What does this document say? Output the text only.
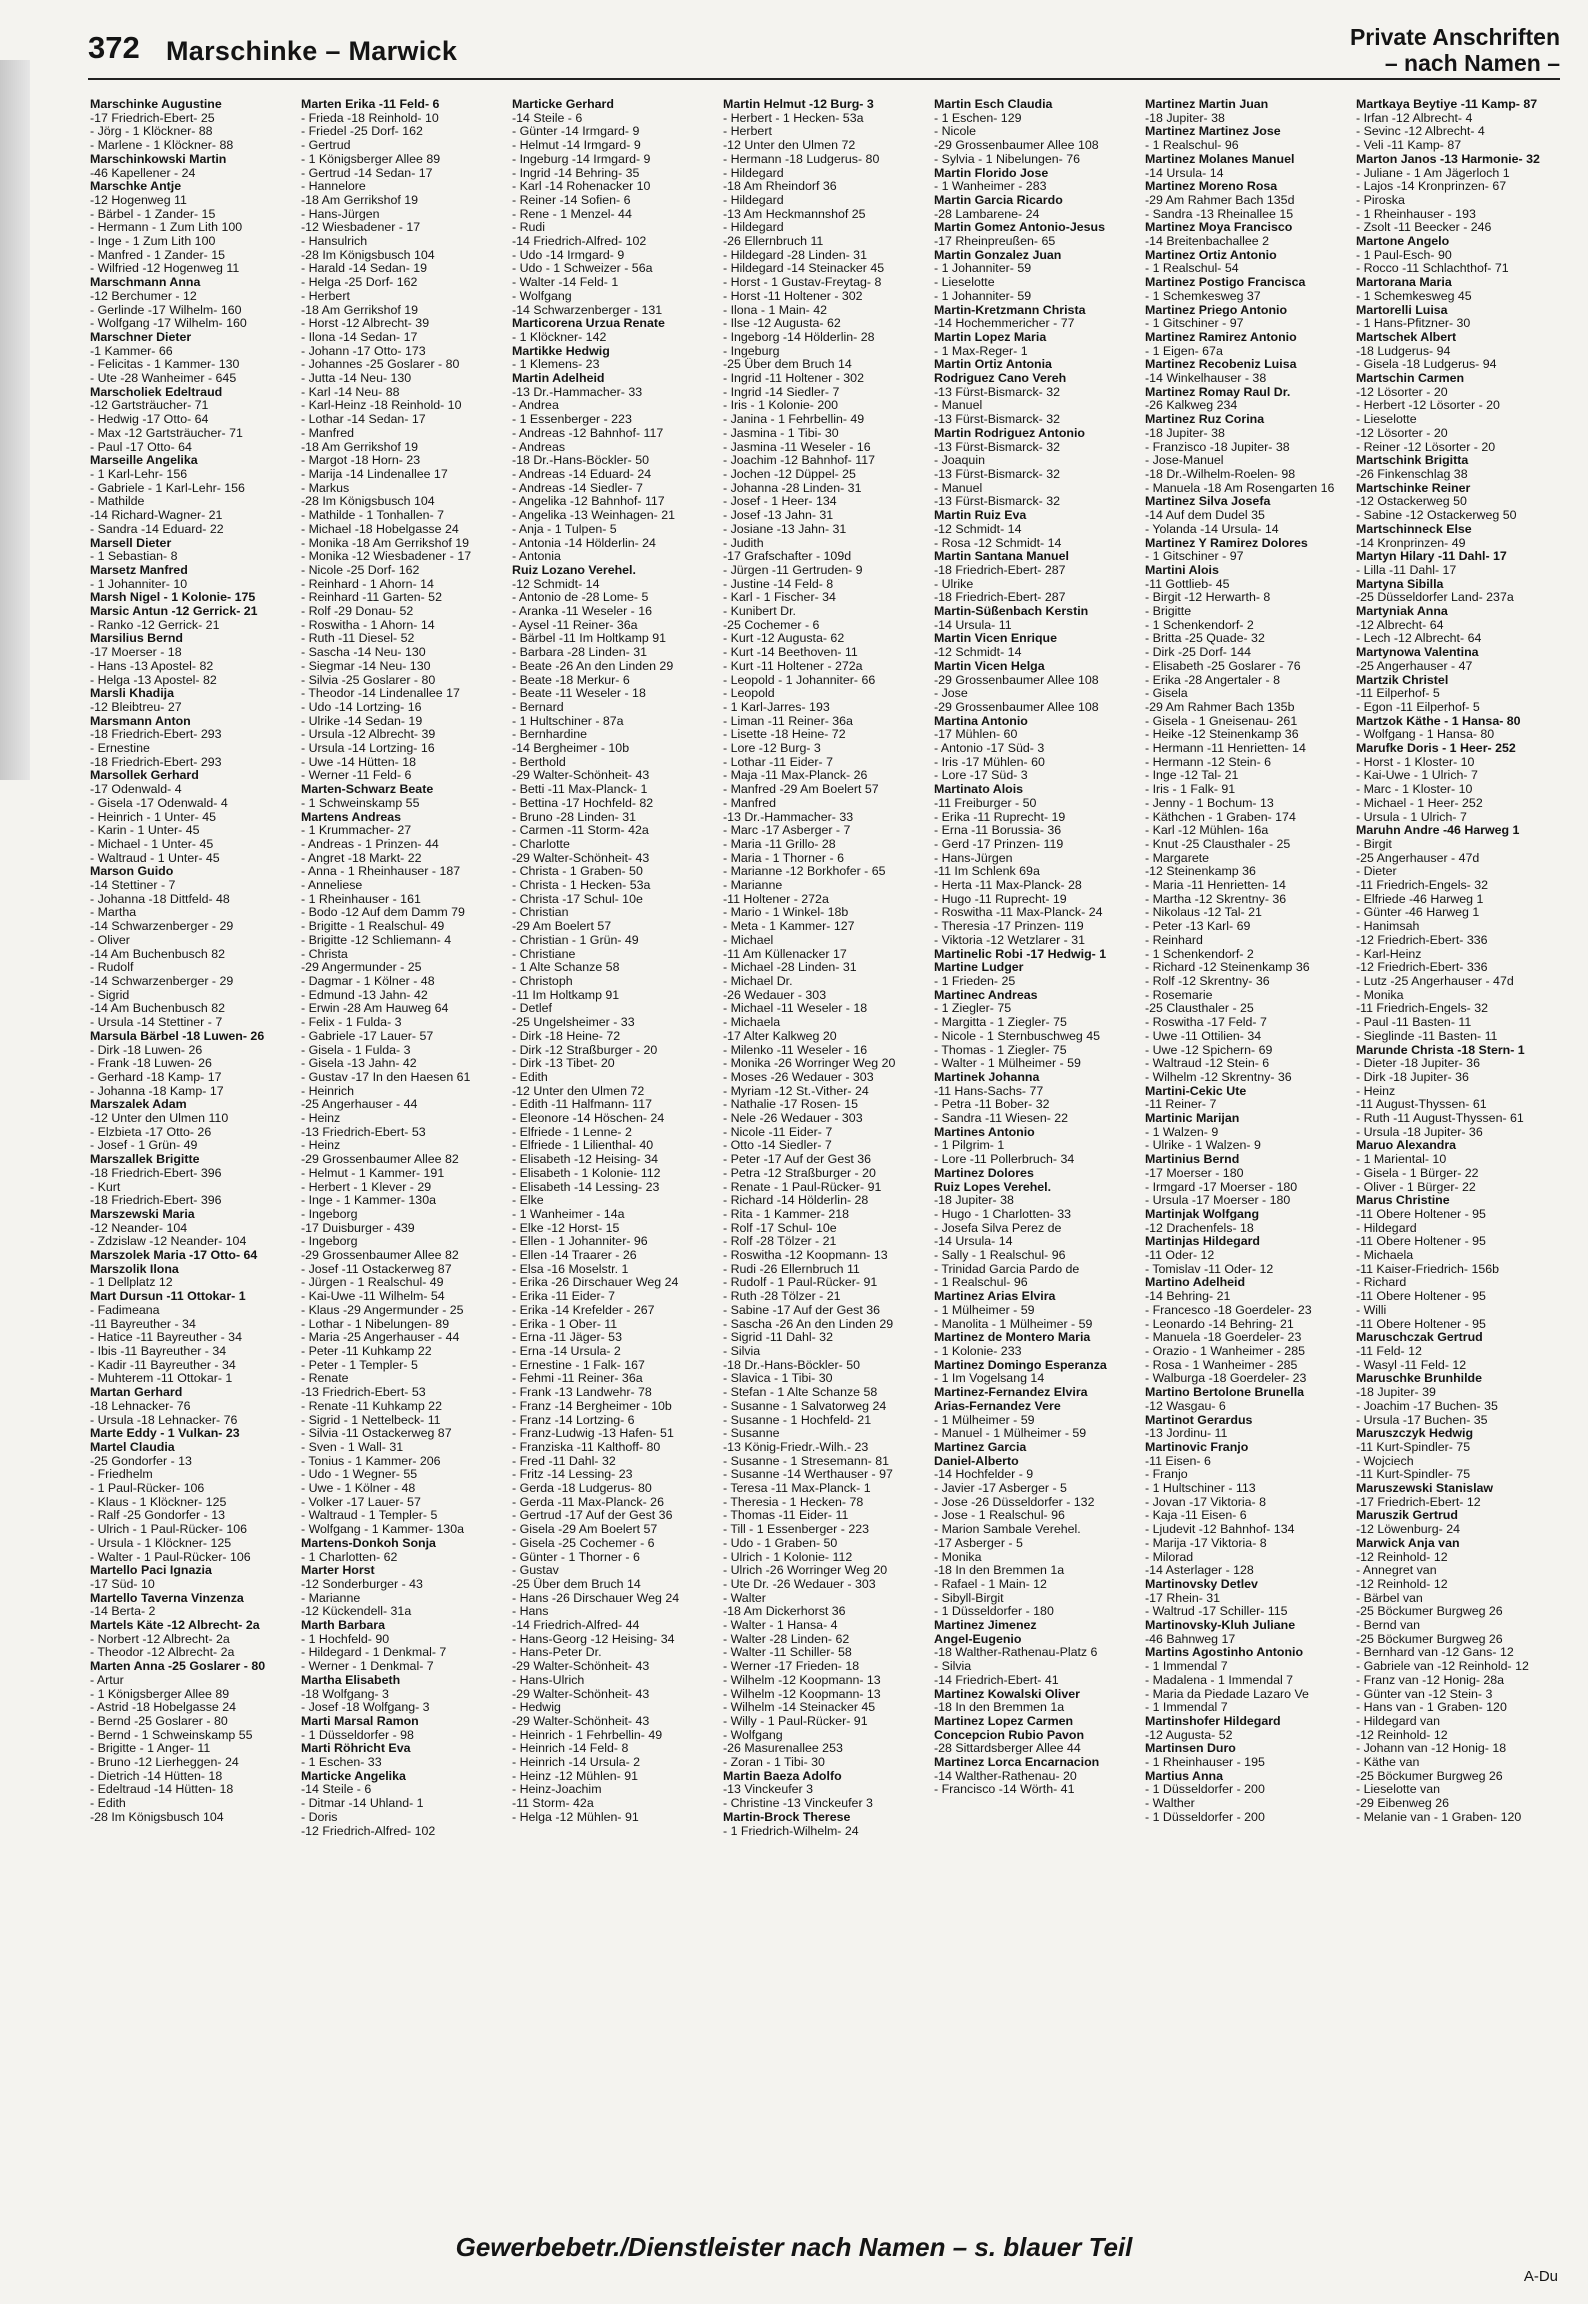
372 Marschinke – Marwick	Private Anschriften
– nach Namen –
Marschinke Augustine
-17 Friedrich-Ebert- 25
- Jörg - 1 Klöckner- 88
- Marlene - 1 Klöckner- 88
Marschinkowski Martin
-46 Kapellener - 24
Marschke Antje
-12 Hogenweg 11
- Bärbel - 1 Zander- 15
- Hermann - 1 Zum Lith 100
- Inge - 1 Zum Lith 100
- Manfred - 1 Zander- 15
- Wilfried -12 Hogenweg 11
Marschmann Anna
-12 Berchumer - 12
- Gerlinde -17 Wilhelm- 160
- Wolfgang -17 Wilhelm- 160
Marschner Dieter
-1 Kammer- 66
- Felicitas - 1 Kammer- 130
- Ute -28 Wanheimer - 645
Marscholiek Edeltraud
-12 Gartsträucher- 71
- Hedwig -17 Otto- 64
- Max -12 Gartsträucher- 71
- Paul -17 Otto- 64
Marseille Angelika
- 1 Karl-Lehr- 156
- Gabriele - 1 Karl-Lehr- 156
- Mathilde
-14 Richard-Wagner- 21
- Sandra -14 Eduard- 22
Marsell Dieter
- 1 Sebastian- 8
Marsetz Manfred
- 1 Johanniter- 10
Marsh Nigel - 1 Kolonie- 175
Marsic Antun -12 Gerrick- 21
- Ranko -12 Gerrick- 21
Marsilius Bernd
-17 Moerser - 18
- Hans -13 Apostel- 82
- Helga -13 Apostel- 82
Marsli Khadija
-12 Bleibtreu- 27
Marsmann Anton
-18 Friedrich-Ebert- 293
- Ernestine
-18 Friedrich-Ebert- 293
Marsollek Gerhard
-17 Odenwald- 4
- Gisela -17 Odenwald- 4
- Heinrich - 1 Unter- 45
- Karin - 1 Unter- 45
- Michael - 1 Unter- 45
- Waltraud - 1 Unter- 45
Marson Guido
-14 Stettiner - 7
- Johanna -18 Dittfeld- 48
- Martha
-14 Schwarzenberger - 29
- Oliver
-14 Am Buchenbusch 82
- Rudolf
-14 Schwarzenberger - 29
- Sigrid
-14 Am Buchenbusch 82
- Ursula -14 Stettiner - 7
Marsula Bärbel -18 Luwen- 26
- Dirk -18 Luwen- 26
- Frank -18 Luwen- 26
- Gerhard -18 Kamp- 17
- Johanna -18 Kamp- 17
Marszalek Adam
-12 Unter den Ulmen 110
- Elzbieta -17 Otto- 26
- Josef - 1 Grün- 49
Marszallek Brigitte
-18 Friedrich-Ebert- 396
- Kurt
-18 Friedrich-Ebert- 396
Marszewski Maria
-12 Neander- 104
- Zdzislaw -12 Neander- 104
Marszolek Maria -17 Otto- 64
Marszolik Ilona
- 1 Dellplatz 12
Mart Dursun -11 Ottokar- 1
- Fadimeana
-11 Bayreuther - 34
- Hatice -11 Bayreuther - 34
- Ibis -11 Bayreuther - 34
- Kadir -11 Bayreuther - 34
- Muhterem -11 Ottokar- 1
Martan Gerhard
-18 Lehnacker- 76
- Ursula -18 Lehnacker- 76
Marte Eddy - 1 Vulkan- 23
Martel Claudia
-25 Gondorfer - 13
- Friedhelm
- 1 Paul-Rücker- 106
- Klaus - 1 Klöckner- 125
- Ralf -25 Gondorfer - 13
- Ulrich - 1 Paul-Rücker- 106
- Ursula - 1 Klöckner- 125
- Walter - 1 Paul-Rücker- 106
Martello Paci Ignazia
-17 Süd- 10
Martello Taverna Vinzenza
-14 Berta- 2
Martels Käte -12 Albrecht- 2a
- Norbert -12 Albrecht- 2a
- Theodor -12 Albrecht- 2a
Marten Anna -25 Goslarer - 80
- Artur
- 1 Königsberger Allee 89
- Astrid -18 Hobelgasse 24
- Bernd -25 Goslarer - 80
- Bernd - 1 Schweinskamp 55
- Brigitte - 1 Anger- 11
- Bruno -12 Lierheggen- 24
- Dietrich -14 Hütten- 18
- Edeltraud -14 Hütten- 18
- Edith
-28 Im Königsbusch 104
Marten Erika -11 Feld- 6
- Frieda -18 Reinhold- 10
- Friedel -25 Dorf- 162
- Gertrud
- 1 Königsberger Allee 89
- Gertrud -14 Sedan- 17
- Hannelore
-18 Am Gerrikshof 19
- Hans-Jürgen
-12 Wiesbadener - 17
- Hansulrich
-28 Im Königsbusch 104
- Harald -14 Sedan- 19
- Helga -25 Dorf- 162
- Herbert
-18 Am Gerrikshof 19
- Horst -12 Albrecht- 39
- Ilona -14 Sedan- 17
- Johann -17 Otto- 173
- Johannes -25 Goslarer - 80
- Jutta -14 Neu- 130
- Karl -14 Neu- 88
- Karl-Heinz -18 Reinhold- 10
- Lothar -14 Sedan- 17
- Manfred
-18 Am Gerrikshof 19
- Margot -18 Horn- 23
- Marija -14 Lindenallee 17
- Markus
-28 Im Königsbusch 104
- Mathilde - 1 Tonhallen- 7
- Michael -18 Hobelgasse 24
- Monika -18 Am Gerrikshof 19
- Monika -12 Wiesbadener - 17
- Nicole -25 Dorf- 162
- Reinhard - 1 Ahorn- 14
- Reinhard -11 Garten- 52
- Rolf -29 Donau- 52
- Roswitha - 1 Ahorn- 14
- Ruth -11 Diesel- 52
- Sascha -14 Neu- 130
- Siegmar -14 Neu- 130
- Silvia -25 Goslarer - 80
- Theodor -14 Lindenallee 17
- Udo -14 Lortzing- 16
- Ulrike -14 Sedan- 19
- Ursula -12 Albrecht- 39
- Ursula -14 Lortzing- 16
- Uwe -14 Hütten- 18
- Werner -11 Feld- 6
Marten-Schwarz Beate
- 1 Schweinskamp 55
Martens Andreas
- 1 Krummacher- 27
- Andreas - 1 Prinzen- 44
- Angret -18 Markt- 22
- Anna - 1 Rheinhauser - 187
- Anneliese
- 1 Rheinhauser - 161
- Bodo -12 Auf dem Damm 79
- Brigitte - 1 Realschul- 49
- Brigitte -12 Schliemann- 4
- Christa
-29 Angermunder - 25
- Dagmar - 1 Kölner - 48
- Edmund -13 Jahn- 42
- Erwin -28 Am Hauweg 64
- Felix - 1 Fulda- 3
- Gabriele -17 Lauer- 57
- Gisela - 1 Fulda- 3
- Gisela -13 Jahn- 42
- Gustav -17 In den Haesen 61
- Heinrich
-25 Angerhauser - 44
- Heinz
-13 Friedrich-Ebert- 53
- Heinz
-29 Grossenbaumer Allee 82
- Helmut - 1 Kammer- 191
- Herbert - 1 Klever - 29
- Inge - 1 Kammer- 130a
- Ingeborg
-17 Duisburger - 439
- Ingeborg
-29 Grossenbaumer Allee 82
- Josef -11 Ostackerweg 87
- Jürgen - 1 Realschul- 49
- Kai-Uwe -11 Wilhelm- 54
- Klaus -29 Angermunder - 25
- Lothar - 1 Nibelungen- 89
- Maria -25 Angerhauser - 44
- Peter -11 Kuhkamp 22
- Peter - 1 Templer- 5
- Renate
-13 Friedrich-Ebert- 53
- Renate -11 Kuhkamp 22
- Sigrid - 1 Nettelbeck- 11
- Silvia -11 Ostackerweg 87
- Sven - 1 Wall- 31
- Tonius - 1 Kammer- 206
- Udo - 1 Wegner- 55
- Uwe - 1 Kölner - 48
- Volker -17 Lauer- 57
- Waltraud - 1 Templer- 5
- Wolfgang - 1 Kammer- 130a
Martens-Donkoh Sonja
- 1 Charlotten- 62
Marter Horst
-12 Sonderburger - 43
- Marianne
-12 Kückendell- 31a
Marth Barbara
- 1 Hochfeld- 90
- Hildegard - 1 Denkmal- 7
- Werner - 1 Denkmal- 7
Martha Elisabeth
-18 Wolfgang- 3
- Josef -18 Wolfgang- 3
Marti Marsal Ramon
- 1 Düsseldorfer - 98
Marti Röhricht Eva
- 1 Eschen- 33
Marticke Angelika
-14 Steile - 6
- Ditmar -14 Uhland- 1
- Doris
-12 Friedrich-Alfred- 102
Marticke Gerhard
-14 Steile - 6
- Günter -14 Irmgard- 9
- Helmut -14 Irmgard- 9
- Ingeburg -14 Irmgard- 9
- Ingrid -14 Behring- 35
- Karl -14 Rohenacker 10
- Reiner -14 Sofien- 6
- Rene - 1 Menzel- 44
- Rudi
-14 Friedrich-Alfred- 102
- Udo -14 Irmgard- 9
- Udo - 1 Schweizer - 56a
- Walter -14 Feld- 1
- Wolfgang
-14 Schwarzenberger - 131
Marticorena Urzua Renate
- 1 Klöckner- 142
Martikke Hedwig
- 1 Klemens- 23
Martin Adelheid
-13 Dr.-Hammacher- 33
- Andrea
- 1 Essenberger - 223
- Andreas -12 Bahnhof- 117
- Andreas
-18 Dr.-Hans-Böckler- 50
- Andreas -14 Eduard- 24
- Andreas -14 Siedler- 7
- Angelika -12 Bahnhof- 117
- Angelika -13 Weinhagen- 21
- Anja - 1 Tulpen- 5
- Antonia -14 Hölderlin- 24
- Antonia
Ruiz Lozano Verehel.
-12 Schmidt- 14
- Antonio de -28 Lome- 5
- Aranka -11 Weseler - 16
- Aysel -11 Reiner- 36a
- Bärbel -11 Im Holtkamp 91
- Barbara -28 Linden- 31
- Beate -26 An den Linden 29
- Beate -18 Merkur- 6
- Beate -11 Weseler - 18
- Bernard
- 1 Hultschiner - 87a
- Bernhardine
-14 Bergheimer - 10b
- Berthold
-29 Walter-Schönheit- 43
- Betti -11 Max-Planck- 1
- Bettina -17 Hochfeld- 82
- Bruno -28 Linden- 31
- Carmen -11 Storm- 42a
- Charlotte
-29 Walter-Schönheit- 43
- Christa - 1 Graben- 50
- Christa - 1 Hecken- 53a
- Christa -17 Schul- 10e
- Christian
-29 Am Boelert 57
- Christian - 1 Grün- 49
- Christiane
- 1 Alte Schanze 58
- Christoph
-11 Im Holtkamp 91
- Detlef
-25 Ungelsheimer - 33
- Dirk -18 Heine- 72
- Dirk -12 Straßburger - 20
- Dirk -13 Tibet- 20
- Edith
-12 Unter den Ulmen 72
- Edith -11 Halfmann- 117
- Eleonore -14 Höschen- 24
- Elfriede - 1 Lenne- 2
- Elfriede - 1 Lilienthal- 40
- Elisabeth -12 Heising- 34
- Elisabeth - 1 Kolonie- 112
- Elisabeth -14 Lessing- 23
- Elke
- 1 Wanheimer - 14a
- Elke -12 Horst- 15
- Ellen - 1 Johanniter- 96
- Ellen -14 Traarer - 26
- Elsa -16 Moselstr. 1
- Erika -26 Dirschauer Weg 24
- Erika -11 Eider- 7
- Erika -14 Krefelder - 267
- Erika - 1 Ober- 11
- Erna -11 Jäger- 53
- Erna -14 Ursula- 2
- Ernestine - 1 Falk- 167
- Fehmi -11 Reiner- 36a
- Frank -13 Landwehr- 78
- Franz -14 Bergheimer - 10b
- Franz -14 Lortzing- 6
- Franz-Ludwig -13 Hafen- 51
- Franziska -11 Kalthoff- 80
- Fred -11 Dahl- 32
- Fritz -14 Lessing- 23
- Gerda -18 Ludgerus- 80
- Gerda -11 Max-Planck- 26
- Gertrud -17 Auf der Gest 36
- Gisela -29 Am Boelert 57
- Gisela -25 Cochemer - 6
- Günter - 1 Thorner - 6
- Gustav
-25 Über dem Bruch 14
- Hans -26 Dirschauer Weg 24
- Hans
-14 Friedrich-Alfred- 44
- Hans-Georg -12 Heising- 34
- Hans-Peter Dr.
-29 Walter-Schönheit- 43
- Hans-Ulrich
-29 Walter-Schönheit- 43
- Hedwig
-29 Walter-Schönheit- 43
- Heinrich - 1 Fehrbellin- 49
- Heinrich -14 Feld- 8
- Heinrich -14 Ursula- 2
- Heinz -12 Mühlen- 91
- Heinz-Joachim
-11 Storm- 42a
- Helga -12 Mühlen- 91
Martin Helmut -12 Burg- 3
- Herbert - 1 Hecken- 53a
- Herbert
-12 Unter den Ulmen 72
- Hermann -18 Ludgerus- 80
- Hildegard
-18 Am Rheindorf 36
- Hildegard
-13 Am Heckmannshof 25
- Hildegard
-26 Ellernbruch 11
- Hildegard -28 Linden- 31
- Hildegard -14 Steinacker 45
- Horst - 1 Gustav-Freytag- 8
- Horst -11 Holtener - 302
- Ilona - 1 Main- 42
- Ilse -12 Augusta- 62
- Ingeborg -14 Hölderlin- 28
- Ingeburg
-25 Über dem Bruch 14
- Ingrid -11 Holtener - 302
- Ingrid -14 Siedler- 7
- Iris - 1 Kolonie- 200
- Janina - 1 Fehrbellin- 49
- Jasmina - 1 Tibi- 30
- Jasmina -11 Weseler - 16
- Joachim -12 Bahnhof- 117
- Jochen -12 Düppel- 25
- Johanna -28 Linden- 31
- Josef - 1 Heer- 134
- Josef -13 Jahn- 31
- Josiane -13 Jahn- 31
- Judith
-17 Grafschafter - 109d
- Jürgen -11 Gertruden- 9
- Justine -14 Feld- 8
- Karl - 1 Fischer- 34
- Kunibert Dr.
-25 Cochemer - 6
- Kurt -12 Augusta- 62
- Kurt -14 Beethoven- 11
- Kurt -11 Holtener - 272a
- Leopold - 1 Johanniter- 66
- Leopold
- 1 Karl-Jarres- 193
- Liman -11 Reiner- 36a
- Lisette -18 Heine- 72
- Lore -12 Burg- 3
- Lothar -11 Eider- 7
- Maja -11 Max-Planck- 26
- Manfred -29 Am Boelert 57
- Manfred
-13 Dr.-Hammacher- 33
- Marc -17 Asberger - 7
- Maria -11 Grillo- 28
- Maria - 1 Thorner - 6
- Marianne -12 Borkhofer - 65
- Marianne
-11 Holtener - 272a
- Mario - 1 Winkel- 18b
- Meta - 1 Kammer- 127
- Michael
-11 Am Küllenacker 17
- Michael -28 Linden- 31
- Michael Dr.
-26 Wedauer - 303
- Michael -11 Weseler - 18
- Michaela
-17 Alter Kalkweg 20
- Milenko -11 Weseler - 16
- Monika -26 Worringer Weg 20
- Moses -26 Wedauer - 303
- Myriam -12 St.-Vither- 24
- Nathalie -17 Rosen- 15
- Nele -26 Wedauer - 303
- Nicole -11 Eider- 7
- Otto -14 Siedler- 7
- Peter -17 Auf der Gest 36
- Petra -12 Straßburger - 20
- Renate - 1 Paul-Rücker- 91
- Richard -14 Hölderlin- 28
- Rita - 1 Kammer- 218
- Rolf -17 Schul- 10e
- Rolf -28 Tölzer - 21
- Roswitha -12 Koopmann- 13
- Rudi -26 Ellernbruch 11
- Rudolf - 1 Paul-Rücker- 91
- Ruth -28 Tölzer - 21
- Sabine -17 Auf der Gest 36
- Sascha -26 An den Linden 29
- Sigrid -11 Dahl- 32
- Silvia
-18 Dr.-Hans-Böckler- 50
- Slavica - 1 Tibi- 30
- Stefan - 1 Alte Schanze 58
- Susanne - 1 Salvatorweg 24
- Susanne - 1 Hochfeld- 21
- Susanne
-13 König-Friedr.-Wilh.- 23
- Susanne - 1 Stresemann- 81
- Susanne -14 Werthauser - 97
- Teresa -11 Max-Planck- 1
- Theresia - 1 Hecken- 78
- Thomas -11 Eider- 11
- Till - 1 Essenberger - 223
- Udo - 1 Graben- 50
- Ulrich - 1 Kolonie- 112
- Ulrich -26 Worringer Weg 20
- Ute Dr. -26 Wedauer - 303
- Walter
-18 Am Dickerhorst 36
- Walter - 1 Hansa- 4
- Walter -28 Linden- 62
- Walter -11 Schiller- 58
- Werner -17 Frieden- 18
- Wilhelm -12 Koopmann- 13
- Wilhelm -12 Koopmann- 13
- Wilhelm -14 Steinacker 45
- Willy - 1 Paul-Rücker- 91
- Wolfgang
-26 Masurenallee 253
- Zoran - 1 Tibi- 30
Martin Baeza Adolfo
-13 Vinckeufer 3
- Christine -13 Vinckeufer 3
Martin-Brock Therese
- 1 Friedrich-Wilhelm- 24
Martin Esch Claudia
- 1 Eschen- 129
- Nicole
-29 Grossenbaumer Allee 108
- Sylvia - 1 Nibelungen- 76
Martin Florido Jose
- 1 Wanheimer - 283
Martin Garcia Ricardo
-28 Lambarene- 24
Martin Gomez Antonio-Jesus
-17 Rheinpreußen- 65
Martin Gonzalez Juan
- 1 Johanniter- 59
- Lieselotte
- 1 Johanniter- 59
Martin-Kretzmann Christa
-14 Hochemmericher - 77
Martin Lopez Maria
- 1 Max-Reger- 1
Martin Ortiz Antonia
Rodriguez Cano Vereh
-13 Fürst-Bismarck- 32
- Manuel
-13 Fürst-Bismarck- 32
Martin Rodriguez Antonio
-13 Fürst-Bismarck- 32
- Joaquin
-13 Fürst-Bismarck- 32
- Manuel
-13 Fürst-Bismarck- 32
Martin Ruiz Eva
-12 Schmidt- 14
- Rosa -12 Schmidt- 14
Martin Santana Manuel
-18 Friedrich-Ebert- 287
- Ulrike
-18 Friedrich-Ebert- 287
Martin-Süßenbach Kerstin
-14 Ursula- 11
Martin Vicen Enrique
-12 Schmidt- 14
Martin Vicen Helga
-29 Grossenbaumer Allee 108
- Jose
-29 Grossenbaumer Allee 108
Martina Antonio
-17 Mühlen- 60
- Antonio -17 Süd- 3
- Iris -17 Mühlen- 60
- Lore -17 Süd- 3
Martinato Alois
-11 Freiburger - 50
- Erika -11 Ruprecht- 19
- Erna -11 Borussia- 36
- Gerd -17 Prinzen- 119
- Hans-Jürgen
-11 Im Schlenk 69a
- Herta -11 Max-Planck- 28
- Hugo -11 Ruprecht- 19
- Roswitha -11 Max-Planck- 24
- Theresia -17 Prinzen- 119
- Viktoria -12 Wetzlarer - 31
Martinelic Robi -17 Hedwig- 1
Martine Ludger
- 1 Frieden- 25
Martinec Andreas
- 1 Ziegler- 75
- Margitta - 1 Ziegler- 75
- Nicole - 1 Sternbuschweg 45
- Thomas - 1 Ziegler- 75
- Walter - 1 Mülheimer - 59
Martinek Johanna
-11 Hans-Sachs- 77
- Petra -11 Bober- 32
- Sandra -11 Wiesen- 22
Martines Antonio
- 1 Pilgrim- 1
- Lore -11 Pollerbruch- 34
Martinez Dolores
Ruiz Lopes Verehel.
-18 Jupiter- 38
- Hugo - 1 Charlotten- 33
- Josefa Silva Perez de
-14 Ursula- 14
- Sally - 1 Realschul- 96
- Trinidad Garcia Pardo de
- 1 Realschul- 96
Martinez Arias Elvira
- 1 Mülheimer - 59
- Manolita - 1 Mülheimer - 59
Martinez de Montero Maria
- 1 Kolonie- 233
Martinez Domingo Esperanza
- 1 Im Vogelsang 14
Martinez-Fernandez Elvira
Arias-Fernandez Vere
- 1 Mülheimer - 59
- Manuel - 1 Mülheimer - 59
Martinez Garcia
Daniel-Alberto
-14 Hochfelder - 9
- Javier -17 Asberger - 5
- Jose -26 Düsseldorfer - 132
- Jose - 1 Realschul- 96
- Marion Sambale Verehel.
-17 Asberger - 5
- Monika
-18 In den Bremmen 1a
- Rafael - 1 Main- 12
- Sibyll-Birgit
- 1 Düsseldorfer - 180
Martinez Jimenez
Angel-Eugenio
-18 Walther-Rathenau-Platz 6
- Silvia
-14 Friedrich-Ebert- 41
Martinez Kowalski Oliver
-18 In den Bremmen 1a
Martinez Lopez Carmen
Concepcion Rubio Pavon
-28 Sittardsberger Allee 44
Martinez Lorca Encarnacion
-14 Walther-Rathenau- 20
- Francisco -14 Wörth- 41
Martinez Martin Juan
-18 Jupiter- 38
Martinez Martinez Jose
- 1 Realschul- 96
Martinez Molanes Manuel
-14 Ursula- 14
Martinez Moreno Rosa
-29 Am Rahmer Bach 135d
- Sandra -13 Rheinallee 15
Martinez Moya Francisco
-14 Breitenbachallee 2
Martinez Ortiz Antonio
- 1 Realschul- 54
Martinez Postigo Francisca
- 1 Schemkesweg 37
Martinez Priego Antonio
- 1 Gitschiner - 97
Martinez Ramirez Antonio
- 1 Eigen- 67a
Martinez Recobeniz Luisa
-14 Winkelhauser - 38
Martinez Romay Raul Dr.
-26 Kalkweg 234
Martinez Ruz Corina
-18 Jupiter- 38
- Franzisco -18 Jupiter- 38
- Jose-Manuel
-18 Dr.-Wilhelm-Roelen- 98
- Manuela -18 Am Rosengarten 16
Martinez Silva Josefa
-14 Auf dem Dudel 35
- Yolanda -14 Ursula- 14
Martinez Y Ramirez Dolores
- 1 Gitschiner - 97
Martini Alois
-11 Gottlieb- 45
- Birgit -12 Herwarth- 8
- Brigitte
- 1 Schenkendorf- 2
- Britta -25 Quade- 32
- Dirk -25 Dorf- 144
- Elisabeth -25 Goslarer - 76
- Erika -28 Angertaler - 8
- Gisela
-29 Am Rahmer Bach 135b
- Gisela - 1 Gneisenau- 261
- Heike -12 Steinenkamp 36
- Hermann -11 Henrietten- 14
- Hermann -12 Stein- 6
- Inge -12 Tal- 21
- Iris - 1 Falk- 91
- Jenny - 1 Bochum- 13
- Käthchen - 1 Graben- 174
- Karl -12 Mühlen- 16a
- Knut -25 Clausthaler - 25
- Margarete
-12 Steinenkamp 36
- Maria -11 Henrietten- 14
- Martha -12 Skrentny- 36
- Nikolaus -12 Tal- 21
- Peter -13 Karl- 69
- Reinhard
- 1 Schenkendorf- 2
- Richard -12 Steinenkamp 36
- Rolf -12 Skrentny- 36
- Rosemarie
-25 Clausthaler - 25
- Roswitha -17 Feld- 7
- Uwe -11 Ottilien- 34
- Uwe -12 Spichern- 69
- Waltraud -12 Stein- 6
- Wilhelm -12 Skrentny- 36
Martini-Cekic Ute
-11 Reiner- 7
Martinic Marijan
- 1 Walzen- 9
- Ulrike - 1 Walzen- 9
Martinius Bernd
-17 Moerser - 180
- Irmgard -17 Moerser - 180
- Ursula -17 Moerser - 180
Martinjak Wolfgang
-12 Drachenfels- 18
Martinjas Hildegard
-11 Oder- 12
- Tomislav -11 Oder- 12
Martino Adelheid
-14 Behring- 21
- Francesco -18 Goerdeler- 23
- Leonardo -14 Behring- 21
- Manuela -18 Goerdeler- 23
- Orazio - 1 Wanheimer - 285
- Rosa - 1 Wanheimer - 285
- Walburga -18 Goerdeler- 23
Martino Bertolone Brunella
-12 Wasgau- 6
Martinot Gerardus
-13 Jordinu- 11
Martinovic Franjo
-11 Eisen- 6
- Franjo
- 1 Hultschiner - 113
- Jovan -17 Viktoria- 8
- Kaja -11 Eisen- 6
- Ljudevit -12 Bahnhof- 134
- Marija -17 Viktoria- 8
- Milorad
-14 Asterlager - 128
Martinovsky Detlev
-17 Rhein- 31
- Waltrud -17 Schiller- 115
Martinovsky-Kluh Juliane
-46 Bahnweg 17
Martins Agostinho Antonio
- 1 Immendal 7
- Madalena - 1 Immendal 7
- Maria da Piedade Lazaro Ve
- 1 Immendal 7
Martinshofer Hildegard
-12 Augusta- 52
Martinsen Duro
- 1 Rheinhauser - 195
Martius Anna
- 1 Düsseldorfer - 200
- Walther
- 1 Düsseldorfer - 200
Martkaya Beytiye -11 Kamp- 87
- Irfan -12 Albrecht- 4
- Sevinc -12 Albrecht- 4
- Veli -11 Kamp- 87
Marton Janos -13 Harmonie- 32
- Juliane - 1 Am Jägerloch 1
- Lajos -14 Kronprinzen- 67
- Piroska
- 1 Rheinhauser - 193
- Zsolt -11 Beecker - 246
Martone Angelo
- 1 Paul-Esch- 90
- Rocco -11 Schlachthof- 71
Martorana Maria
- 1 Schemkesweg 45
Martorelli Luisa
- 1 Hans-Pfitzner- 30
Martschek Albert
-18 Ludgerus- 94
- Gisela -18 Ludgerus- 94
Martschin Carmen
-12 Lösorter - 20
- Herbert -12 Lösorter - 20
- Lieselotte
-12 Lösorter - 20
- Reiner -12 Lösorter - 20
Martschink Brigitta
-26 Finkenschlag 38
Martschinke Reiner
-12 Ostackerweg 50
- Sabine -12 Ostackerweg 50
Martschinneck Else
-14 Kronprinzen- 49
Martyn Hilary -11 Dahl- 17
- Lilla -11 Dahl- 17
Martyna Sibilla
-25 Düsseldorfer Land- 237a
Martyniak Anna
-12 Albrecht- 64
- Lech -12 Albrecht- 64
Martynowa Valentina
-25 Angerhauser - 47
Martzik Christel
-11 Eilperhof- 5
- Egon -11 Eilperhof- 5
Martzok Käthe - 1 Hansa- 80
- Wolfgang - 1 Hansa- 80
Marufke Doris - 1 Heer- 252
- Horst - 1 Kloster- 10
- Kai-Uwe - 1 Ulrich- 7
- Marc - 1 Kloster- 10
- Michael - 1 Heer- 252
- Ursula - 1 Ulrich- 7
Maruhn Andre -46 Harweg 1
- Birgit
-25 Angerhauser - 47d
- Dieter
-11 Friedrich-Engels- 32
- Elfriede -46 Harweg 1
- Günter -46 Harweg 1
- Hanimsah
-12 Friedrich-Ebert- 336
- Karl-Heinz
-12 Friedrich-Ebert- 336
- Lutz -25 Angerhauser - 47d
- Monika
-11 Friedrich-Engels- 32
- Paul -11 Basten- 11
- Sieglinde -11 Basten- 11
Marunde Christa -18 Stern- 1
- Dieter -18 Jupiter- 36
- Dirk -18 Jupiter- 36
- Heinz
-11 August-Thyssen- 61
- Ruth -11 August-Thyssen- 61
- Ursula -18 Jupiter- 36
Maruo Alexandra
- 1 Mariental- 10
- Gisela - 1 Bürger- 22
- Oliver - 1 Bürger- 22
Marus Christine
-11 Obere Holtener - 95
- Hildegard
-11 Obere Holtener - 95
- Michaela
-11 Kaiser-Friedrich- 156b
- Richard
-11 Obere Holtener - 95
- Willi
-11 Obere Holtener - 95
Maruschczak Gertrud
-11 Feld- 12
- Wasyl -11 Feld- 12
Maruschke Brunhilde
-18 Jupiter- 39
- Joachim -17 Buchen- 35
- Ursula -17 Buchen- 35
Maruszczyk Hedwig
-11 Kurt-Spindler- 75
- Wojciech
-11 Kurt-Spindler- 75
Maruszewski Stanislaw
-17 Friedrich-Ebert- 12
Maruszik Gertrud
-12 Löwenburg- 24
Marwick Anja van
-12 Reinhold- 12
- Annegret van
-12 Reinhold- 12
- Bärbel van
-25 Böckumer Burgweg 26
- Bernd van
-25 Böckumer Burgweg 26
- Bernhard van -12 Gans- 12
- Gabriele van -12 Reinhold- 12
- Franz van -12 Honig- 28a
- Günter van -12 Stein- 3
- Hans van - 1 Graben- 120
- Hildegard van
-12 Reinhold- 12
- Johann van -12 Honig- 18
- Käthe van
-25 Böckumer Burgweg 26
- Lieselotte van
-29 Eibenweg 26
- Melanie van - 1 Graben- 120
Gewerbebetr./Dienstleister nach Namen – s. blauer Teil
A-Du
